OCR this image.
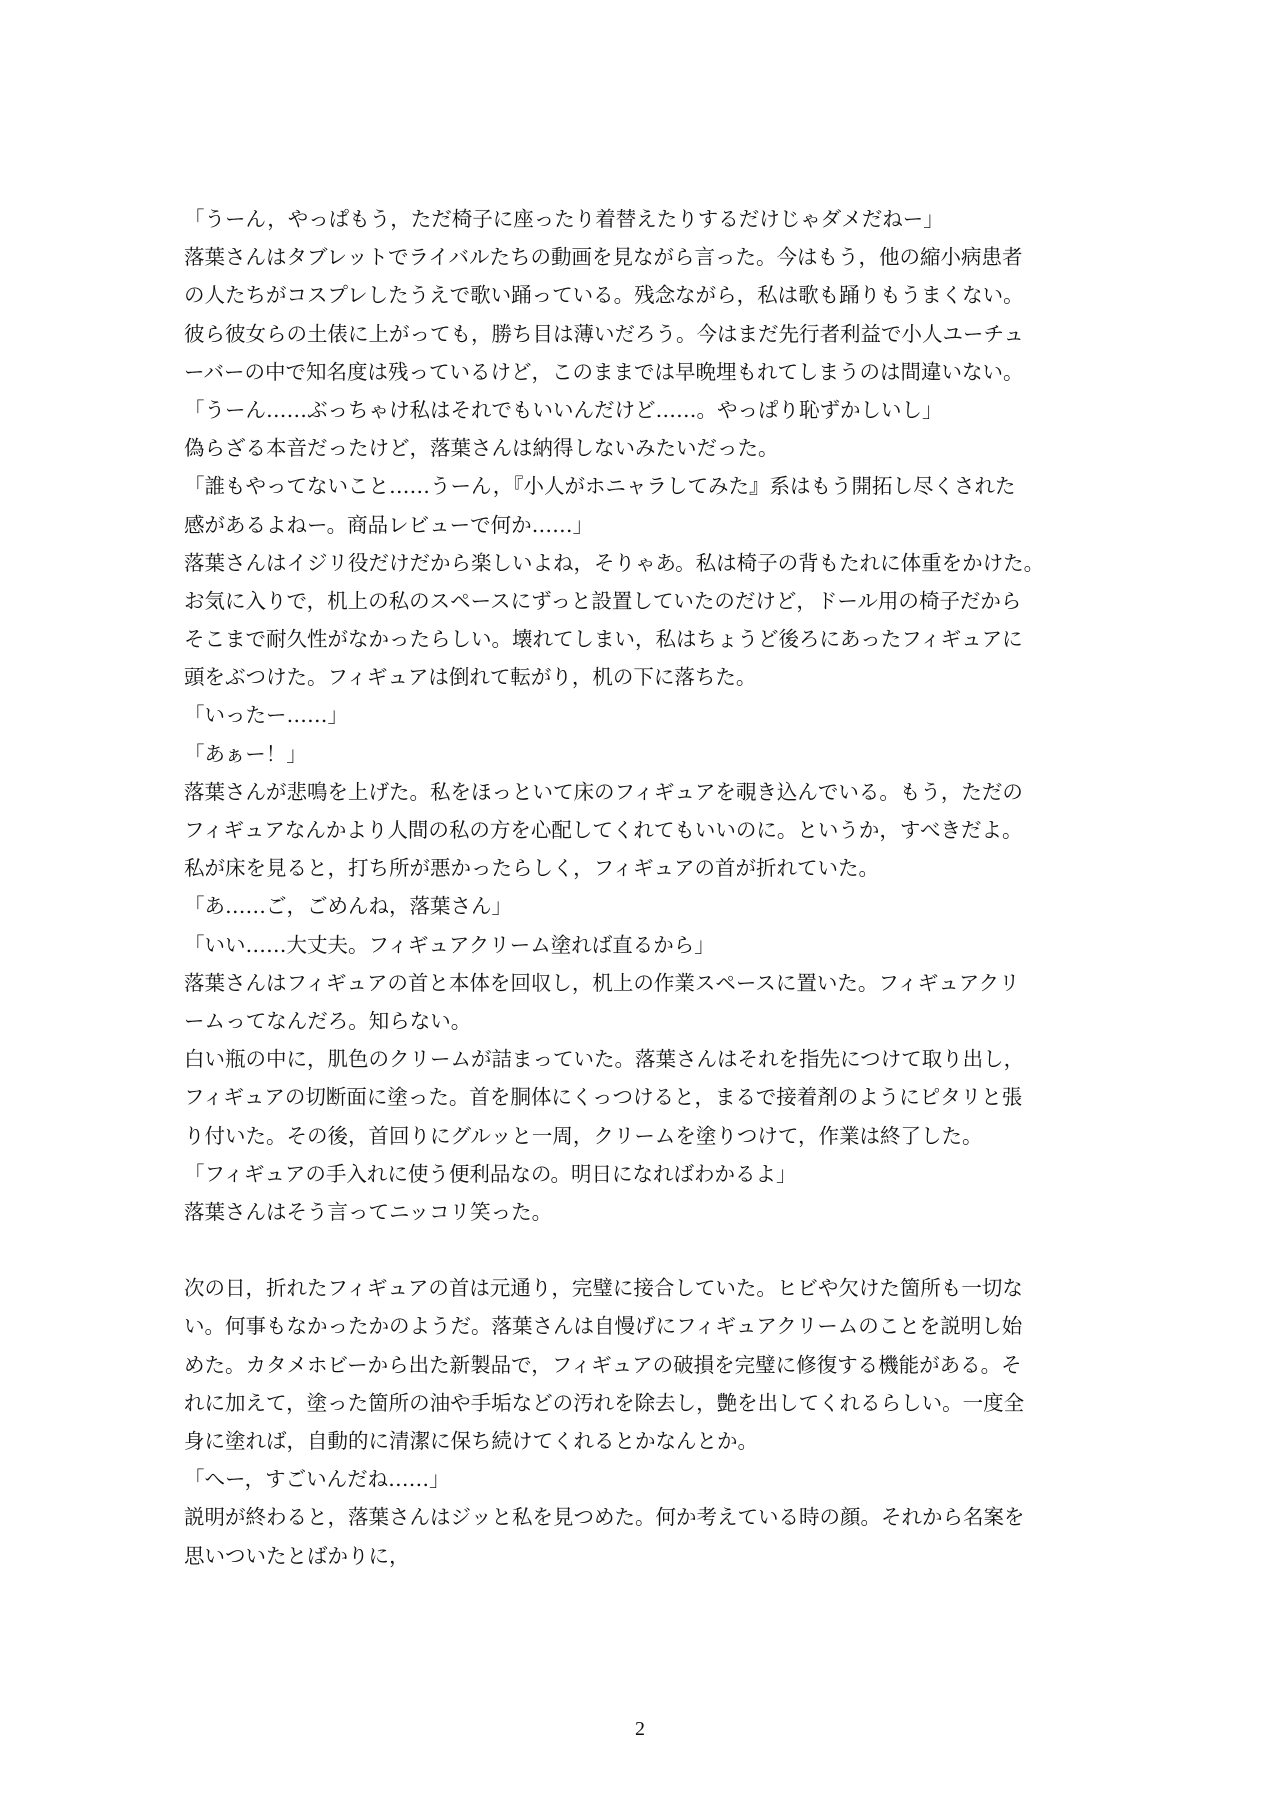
「うーん，やっぱもう，ただ椅子に座ったり着替えたりするだけじゃダメだねー」
落葉さんはタブレットでライバルたちの動画を見ながら言った。今はもう，他の縮小病患者
の人たちがコスプレしたうえで歌い踊っている。残念ながら，私は歌も踊りもうまくない。
彼ら彼女らの土俵に上がっても，勝ち目は薄いだろう。今はまだ先行者利益で小人ユーチュ
ーバーの中で知名度は残っているけど，このままでは早晩埋もれてしまうのは間違いない。
「うーん……ぶっちゃけ私はそれでもいいんだけど……。やっぱり恥ずかしいし」
偽らざる本音だったけど，落葉さんは納得しないみたいだった。
「誰もやってないこと……うーん，『小人がホニャラしてみた』系はもう開拓し尽くされた
感があるよねー。商品レビューで何か……」
落葉さんはイジリ役だけだから楽しいよね，そりゃあ。私は椅子の背もたれに体重をかけた。
お気に入りで，机上の私のスペースにずっと設置していたのだけど，ドール用の椅子だから
そこまで耐久性がなかったらしい。壊れてしまい，私はちょうど後ろにあったフィギュアに
頭をぶつけた。フィギュアは倒れて転がり，机の下に落ちた。
「いったー……」
「あぁー！」
落葉さんが悲鳴を上げた。私をほっといて床のフィギュアを覗き込んでいる。もう，ただの
フィギュアなんかより人間の私の方を心配してくれてもいいのに。というか，すべきだよ。
私が床を見ると，打ち所が悪かったらしく，フィギュアの首が折れていた。
「あ……ご，ごめんね，落葉さん」
「いい……大丈夫。フィギュアクリーム塗れば直るから」
落葉さんはフィギュアの首と本体を回収し，机上の作業スペースに置いた。フィギュアクリ
ームってなんだろ。知らない。
白い瓶の中に，肌色のクリームが詰まっていた。落葉さんはそれを指先につけて取り出し，
フィギュアの切断面に塗った。首を胴体にくっつけると，まるで接着剤のようにピタリと張
り付いた。その後，首回りにグルッと一周，クリームを塗りつけて，作業は終了した。
「フィギュアの手入れに使う便利品なの。明日になればわかるよ」
落葉さんはそう言ってニッコリ笑った。
次の日，折れたフィギュアの首は元通り，完璧に接合していた。ヒビや欠けた箇所も一切な
い。何事もなかったかのようだ。落葉さんは自慢げにフィギュアクリームのことを説明し始
めた。カタメホビーから出た新製品で，フィギュアの破損を完璧に修復する機能がある。そ
れに加えて，塗った箇所の油や手垢などの汚れを除去し，艶を出してくれるらしい。一度全
身に塗れば，自動的に清潔に保ち続けてくれるとかなんとか。
「へー，すごいんだね……」
説明が終わると，落葉さんはジッと私を見つめた。何か考えている時の顔。それから名案を
思いついたとばかりに，
2
